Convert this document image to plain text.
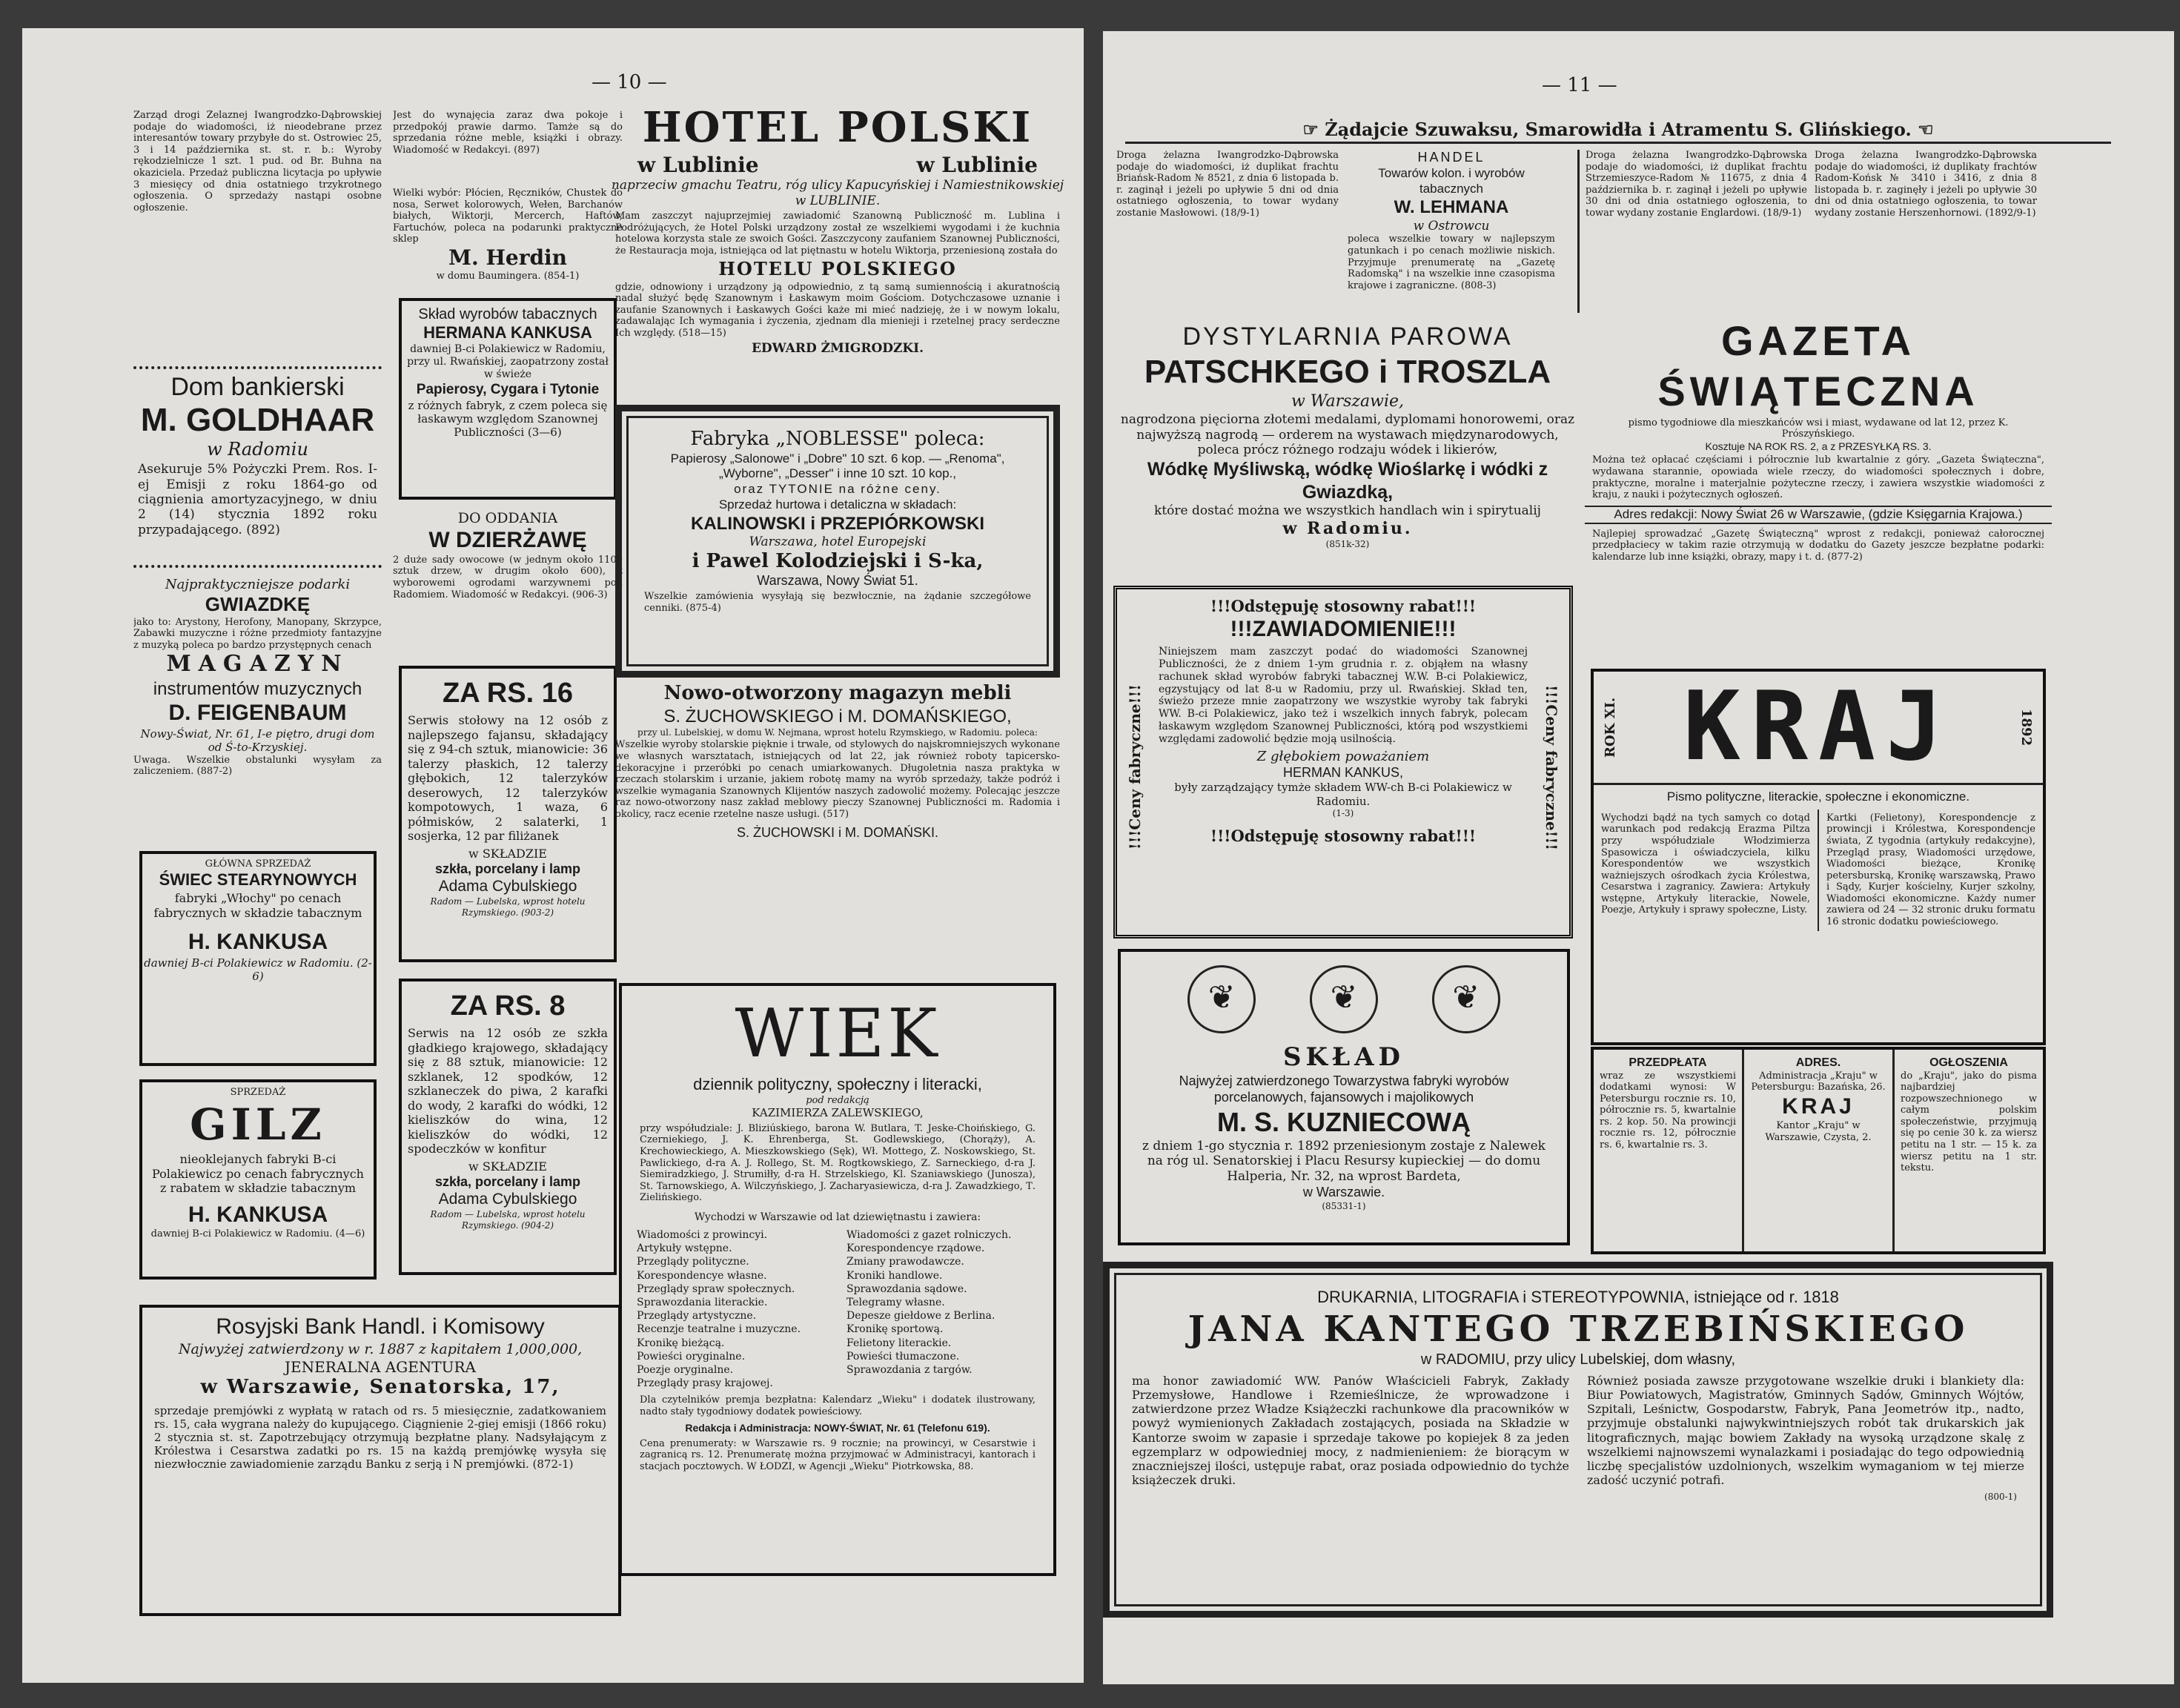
— 10 —
Zarząd drogi Żelaznej Iwangrodzko-Dąbrowskiej podaje do wiadomości, iż nieodebrane przez interesantów towary przybyłe do st. Ostrowiec 25, 3 i 14 października st. st. r. b.: Wyroby rękodzielnicze 1 szt. 1 pud. od Br. Buhna na okaziciela. Przedaż publiczna licytacja po upływie 3 miesięcy od dnia ostatniego trzykrotnego ogłoszenia. O sprzedaży nastąpi osobne ogłoszenie.
Dom bankierski
M. GOLDHAAR
w Radomiu
Asekuruje 5% Pożyczki Prem. Ros. I-ej Emisji z roku 1864-go od ciągnienia amortyzacyjnego, w dniu 2 (14) stycznia 1892 roku przypadającego. (892)
Najpraktyczniejsze podarki
GWIAZDKĘ
jako to: Arystony, Herofony, Manopany, Skrzypce, Zabawki muzyczne i różne przedmioty fantazyjne z muzyką poleca po bardzo przystępnych cenach
MAGAZYN
instrumentów muzycznych
D. FEIGENBAUM
Nowy-Świat, Nr. 61, I-e piętro, drugi dom od Ś-to-Krzyskiej.
Uwaga. Wszelkie obstalunki wysyłam za zaliczeniem. (887-2)
GŁÓWNA SPRZEDAŻ
ŚWIEC STEARYNOWYCH
fabryki „Włochy" po cenach fabrycznych w składzie tabacznym
H. KANKUSA
dawniej B-ci Polakiewicz w Radomiu. (2-6)
SPRZEDAŻ
GILZ
nieoklejanych fabryki B-ci Polakiewicz po cenach fabrycznych z rabatem w składzie tabacznym
H. KANKUSA
dawniej B-ci Polakiewicz w Radomiu. (4—6)
Jest do wynajęcia zaraz dwa pokoje i przedpokój prawie darmo. Tamże są do sprzedania różne meble, książki i obrazy. Wiadomość w Redakcyi. (897)
Wielki wybór: Płócien, Ręczników, Chustek do nosa, Serwet kolorowych, Wełen, Barchanów białych, Wiktorji, Mercerch, Haftów, Fartuchów, poleca na podarunki praktyczne sklep
M. Herdin
w domu Baumingera. (854-1)
Skład wyrobów tabacznych
HERMANA KANKUSA
dawniej B-ci Polakiewicz w Radomiu, przy ul. Rwańskiej, zaopatrzony został w świeże
Papierosy, Cygara i Tytonie
z różnych fabryk, z czem poleca się łaskawym względom Szanownej Publiczności (3—6)
DO ODDANIA
W DZIERŻAWĘ
2 duże sady owocowe (w jednym około 1100 sztuk drzew, w drugim około 600), z wyborowemi ogrodami warzywnemi pod Radomiem. Wiadomość w Redakcyi. (906-3)
ZA RS. 16
Serwis stołowy na 12 osób z najlepszego fajansu, składający się z 94-ch sztuk, mianowicie: 36 talerzy płaskich, 12 talerzy głębokich, 12 talerzyków deserowych, 12 talerzyków kompotowych, 1 waza, 6 półmisków, 2 salaterki, 1 sosjerka, 12 par filiżanek
w SKŁADZIE
szkła, porcelany i lamp
Adama Cybulskiego
Radom — Lubelska, wprost hotelu Rzymskiego. (903-2)
ZA RS. 8
Serwis na 12 osób ze szkła gładkiego krajowego, składający się z 88 sztuk, mianowicie: 12 szklanek, 12 spodków, 12 szklaneczek do piwa, 2 karafki do wody, 2 karafki do wódki, 12 kieliszków do wina, 12 kieliszków do wódki, 12 spodeczków w konfitur
w SKŁADZIE
szkła, porcelany i lamp
Adama Cybulskiego
Radom — Lubelska, wprost hotelu Rzymskiego. (904-2)
Rosyjski Bank Handl. i Komisowy
Najwyżej zatwierdzony w r. 1887 z kapitałem 1,000,000,
JENERALNA AGENTURA
w Warszawie, Senatorska, 17,
sprzedaje premjówki z wypłatą w ratach od rs. 5 miesięcznie, zadatkowaniem rs. 15, cała wygrana należy do kupującego. Ciągnienie 2-giej emisji (1866 roku) 2 stycznia st. st. Zapotrzebujący otrzymują bezpłatne plany. Nadsyłającym z Królestwa i Cesarstwa zadatki po rs. 15 na każdą premjówkę wysyła się niezwłocznie zawiadomienie zarządu Banku z serją i N premjówki. (872-1)
HOTEL POLSKI
w Lublinie	w Lublinie
naprzeciw gmachu Teatru, róg ulicy Kapucyńskiej i Namiestnikowskiej w LUBLINIE.
Mam zaszczyt najuprzejmiej zawiadomić Szanowną Publiczność m. Lublina i Podróżujących, że Hotel Polski urządzony został ze wszelkiemi wygodami i że kuchnia hotelowa korzysta stale ze swoich Gości. Zaszczycony zaufaniem Szanownej Publiczności, że Restauracja moja, istniejąca od lat piętnastu w hotelu Wiktorja, przeniesioną została do
HOTELU POLSKIEGO
gdzie, odnowiony i urządzony ją odpowiednio, z tą samą sumiennością i akuratnością nadal służyć będę Szanownym i Łaskawym moim Gościom. Dotychczasowe uznanie i zaufanie Szanownych i Łaskawych Gości każe mi mieć nadzieję, że i w nowym lokalu, zadawalając Ich wymagania i życzenia, zjednam dla mienieji i rzetelnej pracy serdeczne Ich względy. (518—15)
EDWARD ŻMIGRODZKI.
Fabryka „NOBLESSE" poleca:
Papierosy „Salonowe" i „Dobre" 10 szt. 6 kop. — „Renoma",
„Wyborne", „Desser" i inne 10 szt. 10 kop.,
oraz TYTONIE na różne ceny.
Sprzedaż hurtowa i detaliczna w składach:
KALINOWSKI i PRZEPIÓRKOWSKI
Warszawa, hotel Europejski
i Pawel Kolodziejski i S-ka,
Warszawa, Nowy Świat 51.
Wszelkie zamówienia wysyłają się bezwłocznie, na żądanie szczegółowe cenniki. (875-4)
Nowo-otworzony magazyn mebli
S. ŻUCHOWSKIEGO i M. DOMAŃSKIEGO,
przy ul. Lubelskiej, w domu W. Nejmana, wprost hotelu Rzymskiego, w Radomiu. poleca:
Wszelkie wyroby stolarskie pięknie i trwale, od stylowych do najskromniejszych wykonane we własnych warsztatach, istniejących od lat 22, jak również roboty tapicersko-dekoracyjne i przeróbki po cenach umiarkowanych. Długoletnia nasza praktyka w rzeczach stolarskim i urzanie, jakiem robotę mamy na wyrób sprzedaży, także podróż i wszelkie wymagania Szanownych Klijentów naszych zadowolić możemy. Polecając jeszcze raz nowo-otworzony nasz zakład meblowy pieczy Szanownej Publiczności m. Radomia i okolicy, racz ecenie rzetelne nasze usługi. (517)
S. ŻUCHOWSKI i M. DOMAŃSKI.
WIEK
dziennik polityczny, społeczny i literacki,
pod redakcją
KAZIMIERZA ZALEWSKIEGO,
przy współudziale: J. Bliziúskiego, barona W. Butlara, T. Jeske-Choińskiego, G. Czerniekiego, J. K. Ehrenberga, St. Godlewskiego, (Chorąży), A. Krechowieckiego, A. Mieszkowskiego (Sęk), Wł. Mottego, Z. Noskowskiego, St. Pawlickiego, d-ra A. J. Rollego, St. M. Rogtkowskiego, Z. Sarneckiego, d-ra J. Siemiradzkiego, J. Strumiłły, d-ra H. Strzelskiego, Kl. Szaniawskiego (Junosza), St. Tarnowskiego, A. Wilczyńskiego, J. Zacharyasiewicza, d-ra J. Zawadzkiego, Т. Zielińskiego.
Wychodzi w Warszawie od lat dziewiętnastu i zawiera:
Wiadomości z prowincyi.
Artykuły wstępne.
Przeglądy polityczne.
Korespondencye własne.
Przeglądy spraw społecznych.
Sprawozdania literackie.
Przeglądy artystyczne.
Recenzje teatralne i muzyczne.
Kronikę bieżącą.
Powieści oryginalne.
Poezje oryginalne.
Przeglądy prasy krajowej.
Wiadomości z gazet rolniczych.
Korespondencye rządowe.
Zmiany prawodawcze.
Kroniki handlowe.
Sprawozdania sądowe.
Telegramy własne.
Depesze giełdowe z Berlina.
Kronikę sportową.
Felietony literackie.
Powieści tłumaczone.
Sprawozdania z targów.
Dla czytelników premja bezpłatna: Kalendarz „Wieku" i dodatek ilustrowany, nadto stały tygodniowy dodatek powieściowy.
Redakcja i Administracja: NOWY-ŚWIAT, Nr. 61 (Telefonu 619).
Cena prenumeraty: w Warszawie rs. 9 rocznie; na prowincyi, w Cesarstwie i zagranicą rs. 12. Prenumeratę można przyjmować w Administracyi, kantorach i stacjach pocztowych. W ŁODZI, w Agencji „Wieku" Piotrkowska, 88.
— 11 —
☞ Żądajcie Szuwaksu, Smarowidła i Atramentu S. Glińskiego. ☜
Droga żelazna Iwangrodzko-Dąbrowska podaje do wiadomości, iż duplikat frachtu Briańsk-Radom № 8521, z dnia 6 listopada b. r. zaginął i jeżeli po upływie 5 dni od dnia ostatniego ogłoszenia, to towar wydany zostanie Masłowowi. (18/9-1)
HANDEL
Towarów kolon. i wyrobów tabacznych
W. LEHMANA
w Ostrowcu
poleca wszelkie towary w najlepszym gatunkach i po cenach możliwie niskich. Przyjmuje prenumeratę na „Gazetę Radomską" i na wszelkie inne czasopisma krajowe i zagraniczne. (808-3)
Droga żelazna Iwangrodzko-Dąbrowska podaje do wiadomości, iż duplikat frachtu Strzemieszyce-Radom № 11675, z dnia 4 października b. r. zaginął i jeżeli po upływie 30 dni od dnia ostatniego ogłoszenia, to towar wydany zostanie Englardowi. (18/9-1)
Droga żelazna Iwangrodzko-Dąbrowska podaje do wiadomości, iż duplikaty frachtów Radom-Końsk № 3410 i 3416, z dnia 8 listopada b. r. zaginęły i jeżeli po upływie 30 dni od dnia ostatniego ogłoszenia, to towar wydany zostanie Herszenhornowi. (1892/9-1)
DYSTYLARNIA PAROWA
PATSCHKEGO i TROSZLA
w Warszawie,
nagrodzona pięciorna złotemi medalami, dyplomami honorowemi, oraz najwyższą nagrodą — orderem na wystawach międzynarodowych, poleca prócz różnego rodzaju wódek i likierów,
Wódkę Myśliwską, wódkę Wioślarkę i wódki z Gwiazdką,
które dostać można we wszystkich handlach win i spirytualij
w Radomiu.
(851k-32)
!!!Odstępuję stosowny rabat!!!
!!!ZAWIADOMIENIE!!!
Niniejszem mam zaszczyt podać do wiadomości Szanownej Publiczności, że z dniem 1-ym grudnia r. z. objąłem na własny rachunek skład wyrobów fabryki tabacznej W.W. B-ci Polakiewicz, egzystujący od lat 8-u w Radomiu, przy ul. Rwańskiej. Skład ten, świeżo przeze mnie zaopatrzony we wszystkie wyroby tak fabryki WW. B-ci Polakiewicz, jako też i wszelkich innych fabryk, polecam łaskawym względom Szanownej Publiczności, którą pod wszystkiemi względami zadowolić będzie moją usilnością.
Z głębokiem poważaniem
HERMAN KANKUS,
były zarządzający tymże składem WW-ch B-ci Polakiewicz w Radomiu.
(1-3)
!!!Odstępuję stosowny rabat!!!
!!!Ceny fabryczne!!!	!!!Ceny fabryczne!!!
❦ ❦ ❦
SKŁAD
Najwyżej zatwierdzonego Towarzystwa fabryki wyrobów porcelanowych, fajansowych i majolikowych
M. S. KUZNIECOWĄ
z dniem 1-go stycznia r. 1892 przeniesionym zostaje z Nalewek na róg ul. Senatorskiej i Placu Resursy kupieckiej — do domu Halperia, Nr. 32, na wprost Bardeta,
w Warszawie.
(85331-1)
GAZETA
ŚWIĄTECZNA
pismo tygodniowe dla mieszkańców wsi i miast, wydawane od lat 12, przez K. Prószyńskiego.
Kosztuje NA ROK RS. 2, a z PRZESYŁKĄ RS. 3.
Można też opłacać częściami i półrocznie lub kwartalnie z góry. „Gazeta Świąteczna", wydawana starannie, opowiada wiele rzeczy, do wiadomości społecznych i dobre, praktyczne, moralne i materjalnie pożyteczne rzeczy, i zawiera wszystkie wiadomości z kraju, z nauki i pożytecznych ogłoszeń.
Adres redakcji: Nowy Świat 26 w Warszawie, (gdzie Księgarnia Krajowa.)
Najlepiej sprowadzać „Gazetę Świąteczną" wprost z redakcji, ponieważ całorocznej przedpłaciecy w takim razie otrzymują w dodatku do Gazety jeszcze bezpłatne podarki: kalendarze lub inne książki, obrazy, mapy i t. d. (877-2)
ROK XI. KRAJ	1892
Pismo polityczne, literackie, społeczne i ekonomiczne.
Wychodzi bądź na tych samych co dotąd warunkach pod redakcją Erazma Piltza przy współudziale Włodzimierza Spasowicza i oświadczyciela, kilku Korespondentów we wszystkich ważniejszych ośrodkach życia Królestwa, Cesarstwa i zagranicy. Zawiera: Artykuły wstępne, Artykuły literackie, Nowele, Poezje, Artykuły i sprawy społeczne, Listy.
Kartki (Felietony), Korespondencje z prowincji i Królestwa, Korespondencje świata, Z tygodnia (artykuły redakcyjne), Przegląd prasy, Wiadomości urzędowe, Wiadomości bieżące, Kronikę petersburską, Kronikę warszawską, Prawo i Sądy, Kurjer kościelny, Kurjer szkolny, Wiadomości ekonomiczne. Każdy numer zawiera od 24 — 32 stronic druku formatu 16 stronic dodatku powieściowego.
PRZEDPŁATA
wraz ze wszystkiemi dodatkami wynosi: W Petersburgu rocznie rs. 10, półrocznie rs. 5, kwartalnie rs. 2 kop. 50. Na prowincji rocznie rs. 12, półrocznie rs. 6, kwartalnie rs. 3.
ADRES.
Administracja „Kraju" w Petersburgu: Bazańska, 26.
KRAJ
Kantor „Kraju" w Warszawie, Czysta, 2.
OGŁOSZENIA
do „Kraju", jako do pisma najbardziej rozpowszechnionego w całym polskim społeczeństwie, przyjmują się po cenie 30 k. za wiersz petitu na 1 str. — 15 k. za wiersz petitu na 1 str. tekstu.
DRUKARNIA, LITOGRAFIA i STEREOTYPOWNIA, istniejące od r. 1818
JANA KANTEGO TRZEBIŃSKIEGO
w RADOMIU, przy ulicy Lubelskiej, dom własny,
ma honor zawiadomić WW. Panów Właścicieli Fabryk, Zakłady Przemysłowe, Handlowe i Rzemieślnicze, że wprowadzone i zatwierdzone przez Władze Książeczki rachunkowe dla pracowników w powyż wymienionych Zakładach zostających, posiada na Składzie w Kantorze swoim w zapasie i sprzedaje takowe po kopiejek 8 za jeden egzemplarz w odpowiedniej mocy, z nadmienieniem: że biorącym w znaczniejszej ilości, ustępuje rabat, oraz posiada odpowiednio do tychże książeczek druki.
Również posiada zawsze przygotowane wszelkie druki i blankiety dla: Biur Powiatowych, Magistratów, Gminnych Sądów, Gminnych Wójtów, Szpitali, Leśnictw, Gospodarstw, Fabryk, Pana Jeometrów itp., nadto, przyjmuje obstalunki najwykwintniejszych robót tak drukarskich jak litograficznych, mając bowiem Zakłady na wysoką urządzone skalę z wszelkiemi najnowszemi wynalazkami i posiadając do tego odpowiednią liczbę specjalistów uzdolnionych, wszelkim wymaganiom w tej mierze zadość uczynić potrafi.
(800-1)
